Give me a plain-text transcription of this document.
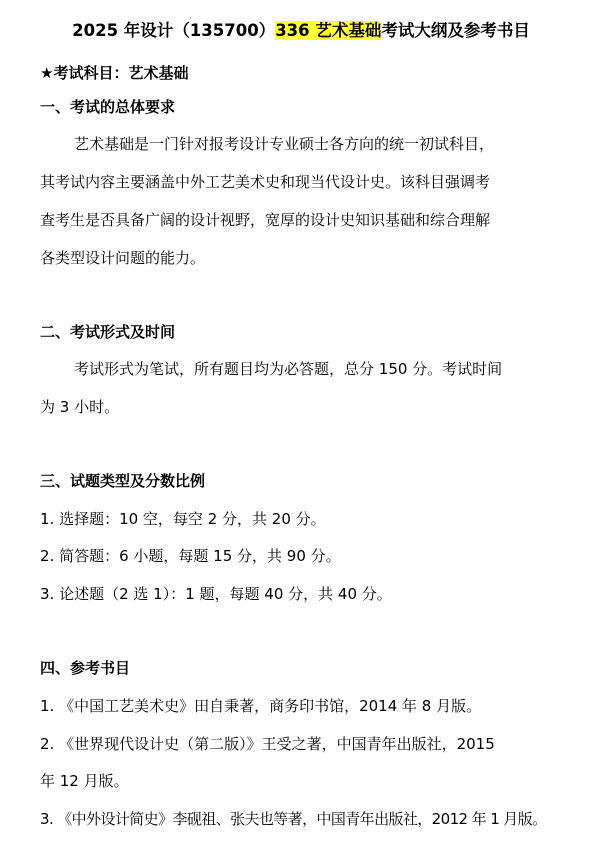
2025 年设计（135700）336 艺术基础考试大纲及参考书目
★考试科目：艺术基础
一、考试的总体要求
艺术基础是一门针对报考设计专业硕士各方向的统一初试科目，
其考试内容主要涵盖中外工艺美术史和现当代设计史。该科目强调考
查考生是否具备广阔的设计视野，宽厚的设计史知识基础和综合理解
各类型设计问题的能力。
二、考试形式及时间
考试形式为笔试，所有题目均为必答题，总分 150 分。考试时间
为 3 小时。
三、试题类型及分数比例
1. 选择题：10 空，每空 2 分，共 20 分。
2. 简答题：6 小题，每题 15 分，共 90 分。
3. 论述题（2 选 1）：1 题，每题 40 分，共 40 分。
四、参考书目
1. 《中国工艺美术史》田自秉著，商务印书馆，2014 年 8 月版。
2. 《世界现代设计史（第二版）》王受之著，中国青年出版社，2015
年 12 月版。
3. 《中外设计简史》李砚祖、张夫也等著，中国青年出版社，2012 年 1 月版。
